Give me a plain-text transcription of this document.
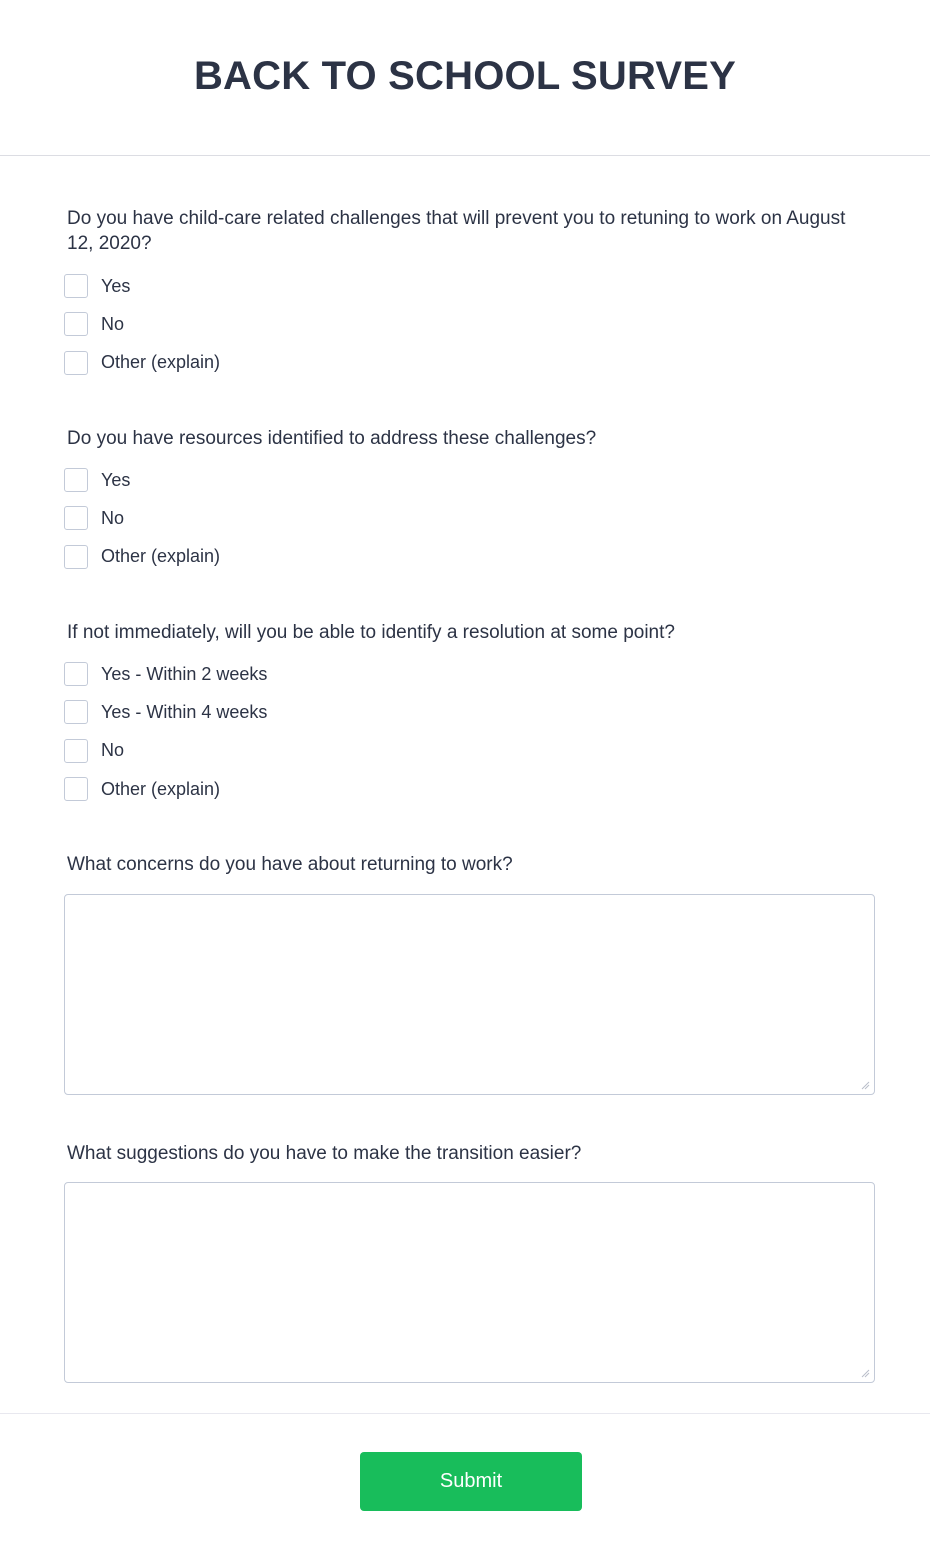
BACK TO SCHOOL SURVEY
Do you have child-care related challenges that will prevent you to retuning to work on August 12, 2020?
Yes
No
Other (explain)
Do you have resources identified to address these challenges?
Yes
No
Other (explain)
If not immediately, will you be able to identify a resolution at some point?
Yes - Within 2 weeks
Yes - Within 4 weeks
No
Other (explain)
What concerns do you have about returning to work?
What suggestions do you have to make the transition easier?
Submit
